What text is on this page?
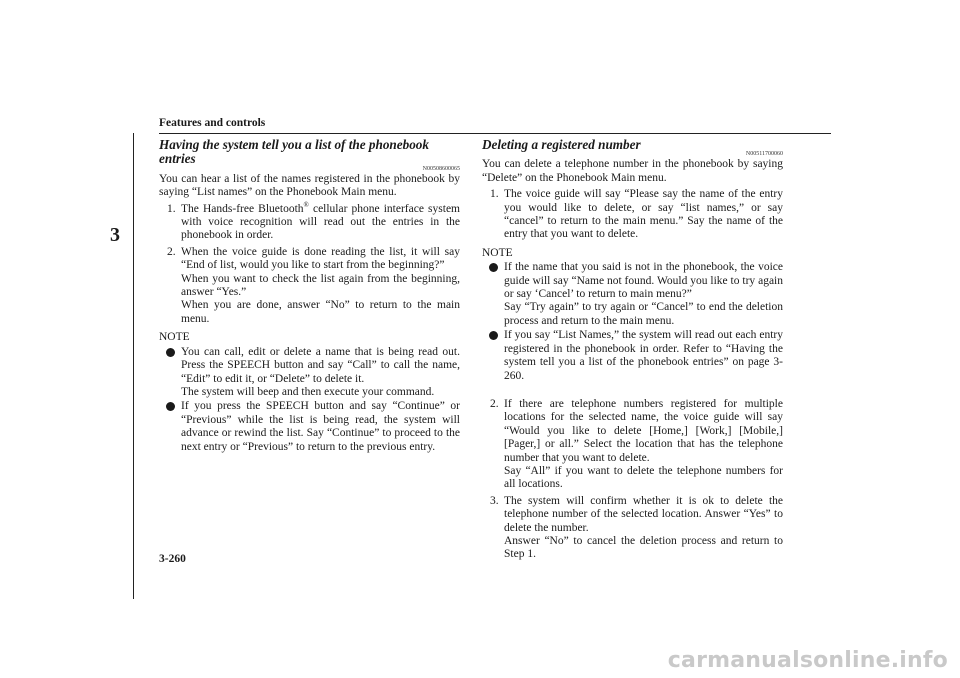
Features and controls
3
Having the system tell you a list of the phonebook entries
N00508600065

You can hear a list of the names registered in the phonebook by saying “List names” on the Phonebook Main menu.

1. The Hands-free Bluetooth® cellular phone interface system with voice recognition will read out the entries in the phonebook in order.
2. When the voice guide is done reading the list, it will say “End of list, would you like to start from the beginning?”
When you want to check the list again from the beginning, answer “Yes.”
When you are done, answer “No” to return to the main menu.
NOTE
You can call, edit or delete a name that is being read out. Press the SPEECH button and say “Call” to call the name, “Edit” to edit it, or “Delete” to delete it.
The system will beep and then execute your command.
If you press the SPEECH button and say “Continue” or “Previous” while the list is being read, the system will advance or rewind the list. Say “Continue” to proceed to the next entry or “Previous” to return to the previous entry.
Deleting a registered number
N00511700060

You can delete a telephone number in the phonebook by saying “Delete” on the Phonebook Main menu.

1. The voice guide will say “Please say the name of the entry you would like to delete, or say “list names,” or say “cancel” to return to the main menu.” Say the name of the entry that you want to delete.
NOTE
If the name that you said is not in the phonebook, the voice guide will say “Name not found. Would you like to try again or say ‘Cancel’ to return to main menu?”
Say “Try again” to try again or “Cancel” to end the deletion process and return to the main menu.
If you say “List Names,” the system will read out each entry registered in the phonebook in order. Refer to “Having the system tell you a list of the phonebook entries” on page 3-260.
2. If there are telephone numbers registered for multiple locations for the selected name, the voice guide will say “Would you like to delete [Home,] [Work,] [Mobile,] [Pager,] or all.” Select the location that has the telephone number that you want to delete.
Say “All” if you want to delete the telephone numbers for all locations.
3. The system will confirm whether it is ok to delete the telephone number of the selected location. Answer “Yes” to delete the number.
Answer “No” to cancel the deletion process and return to Step 1.
3-260
carmanualsonline.info
